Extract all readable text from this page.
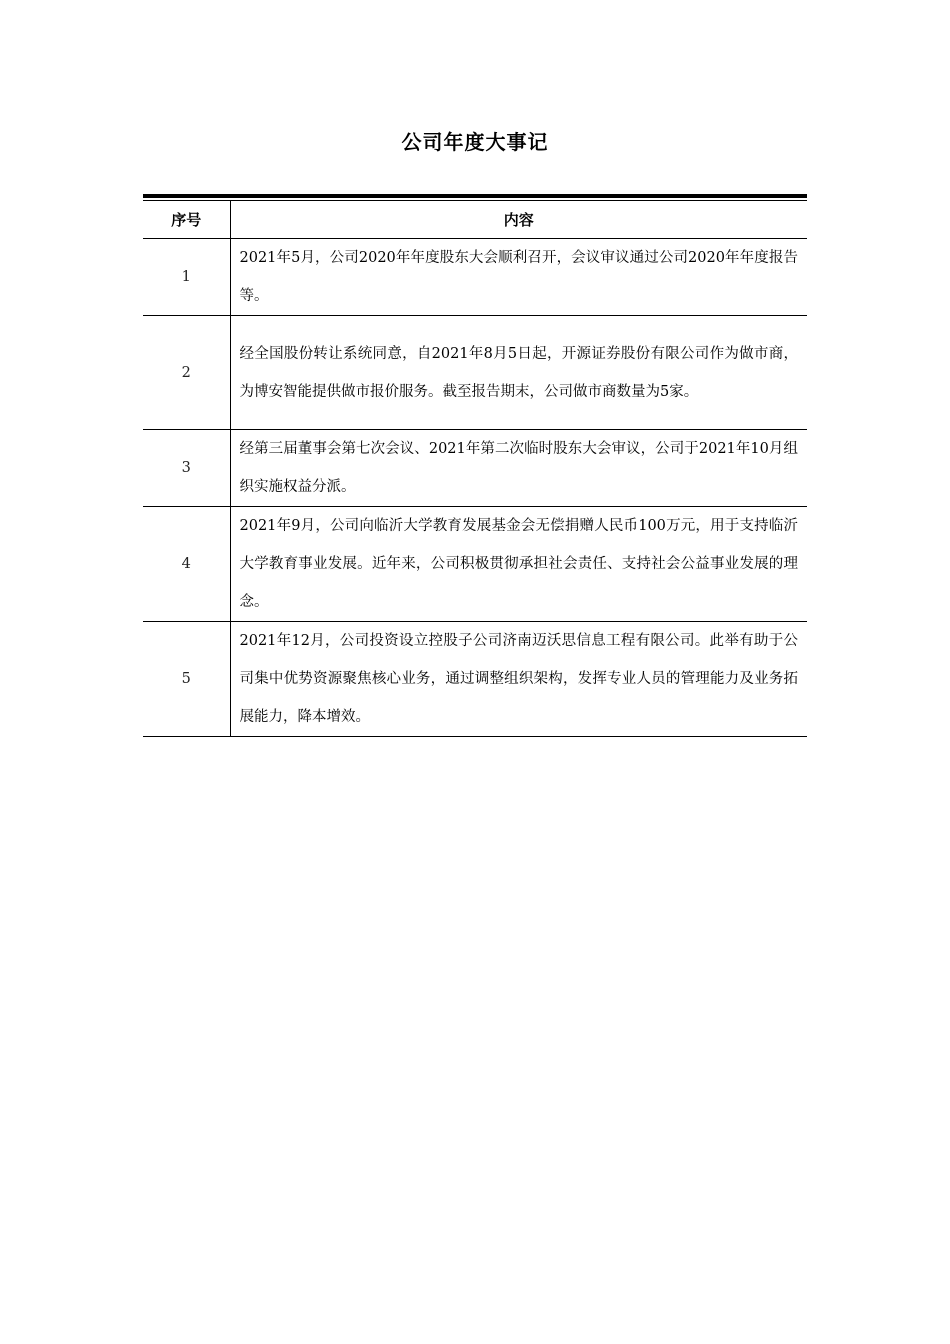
公司年度大事记
序号	内容
1	2021年5月，公司2020年年度股东大会顺利召开，会议审议通过公司2020年年度报告等。
2	经全国股份转让系统同意，自2021年8月5日起，开源证券股份有限公司作为做市商，为博安智能提供做市报价服务。截至报告期末，公司做市商数量为5家。
3	经第三届董事会第七次会议、2021年第二次临时股东大会审议，公司于2021年10月组织实施权益分派。
4	2021年9月，公司向临沂大学教育发展基金会无偿捐赠人民币100万元，用于支持临沂大学教育事业发展。近年来，公司积极贯彻承担社会责任、支持社会公益事业发展的理念。
5	2021年12月，公司投资设立控股子公司济南迈沃思信息工程有限公司。此举有助于公司集中优势资源聚焦核心业务，通过调整组织架构，发挥专业人员的管理能力及业务拓展能力，降本增效。
